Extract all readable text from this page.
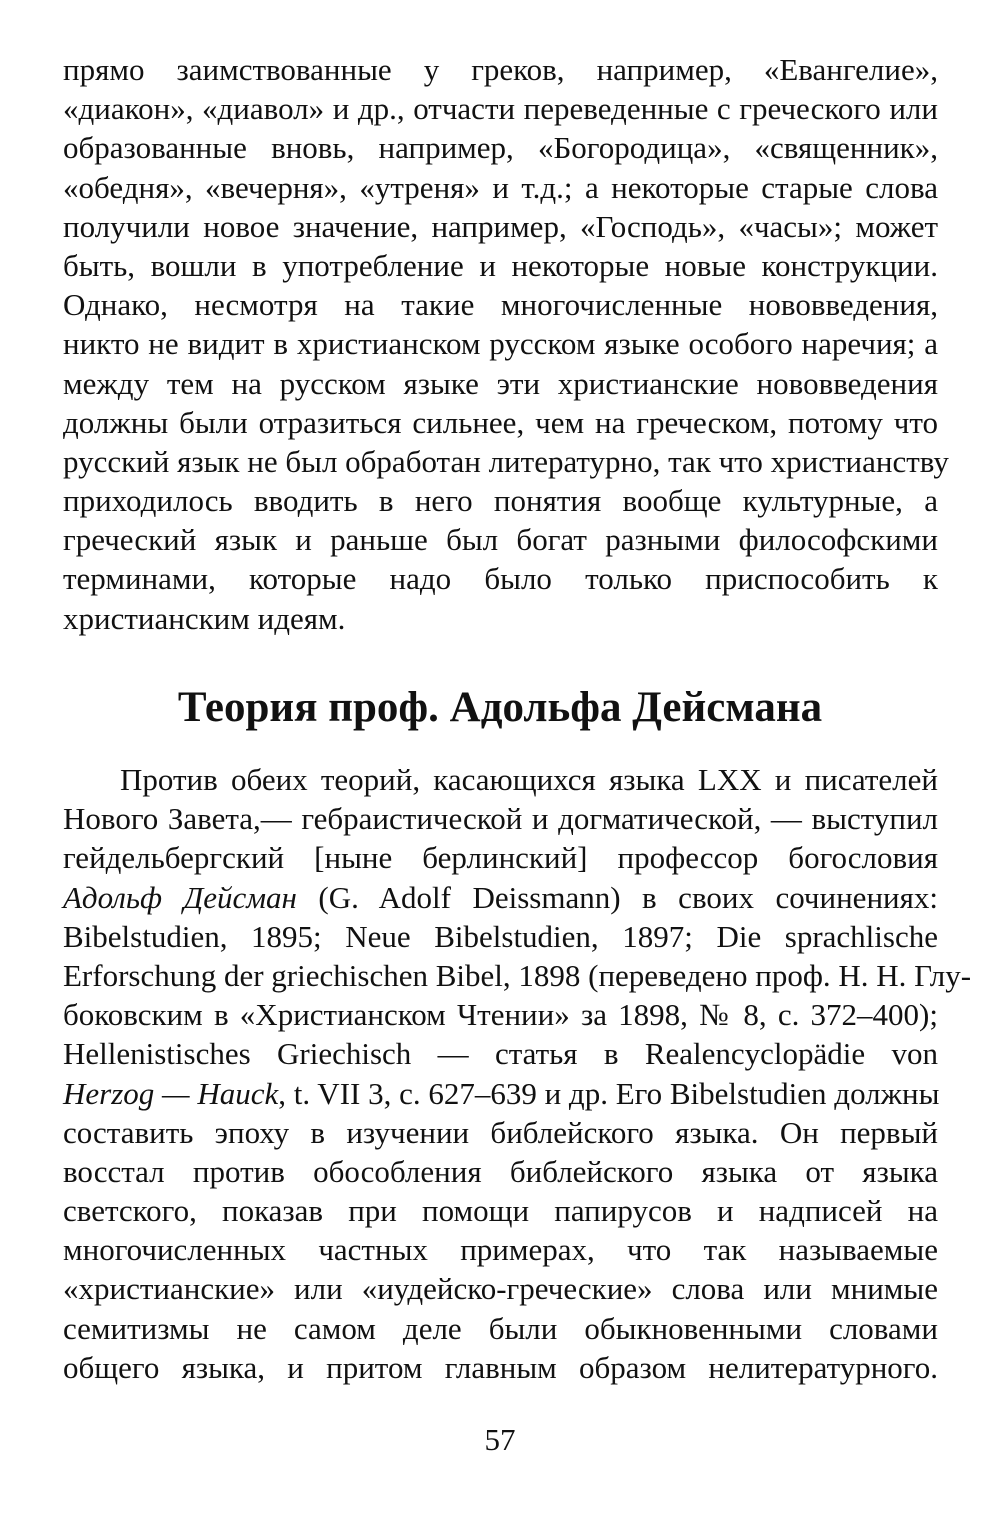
прямо заимствованные у греков, например, «Евангелие»,
«диакон», «диавол» и др., отчасти переведенные с греческого или
образованные вновь, например, «Богородица», «священник»,
«обедня», «вечерня», «утреня» и т.д.; а некоторые старые слова
получили новое значение, например, «Господь», «часы»; может
быть, вошли в употребление и некоторые новые конструкции.
Однако, несмотря на такие многочисленные нововведения,
никто не видит в христианском русском языке особого наречия; а
между тем на русском языке эти христианские нововведения
должны были отразиться сильнее, чем на греческом, потому что
русский язык не был обработан литературно, так что христианству
приходилось вводить в него понятия вообще культурные, а
греческий язык и раньше был богат разными философскими
терминами, которые надо было только приспособить к
христианским идеям.
Теория проф. Адольфа Дейсмана
Против обеих теорий, касающихся языка LXX и писателей
Нового Завета,— гебраистической и догматической, — выступил
гейдельбергский [ныне берлинский] профессор богословия
Адольф Дейсман (G. Adolf Deissmann) в своих сочинениях:
Bibelstudien, 1895; Neue Bibelstudien, 1897; Die sprachlische
Erforschung der griechischen Bibel, 1898 (переведено проф. Н. Н. Глу-
боковским в «Христианском Чтении» за 1898, № 8, с. 372–400);
Hellenistisches Griechisch — статья в Realencyclopädie von
Herzog — Hauck, t. VII 3, с. 627–639 и др. Его Bibelstudien должны
составить эпоху в изучении библейского языка. Он первый
восстал против обособления библейского языка от языка
светского, показав при помощи папирусов и надписей на
многочисленных частных примерах, что так называемые
«христианские» или «иудейско-греческие» слова или мнимые
семитизмы не самом деле были обыкновенными словами
общего языка, и притом главным образом нелитературного.
57
